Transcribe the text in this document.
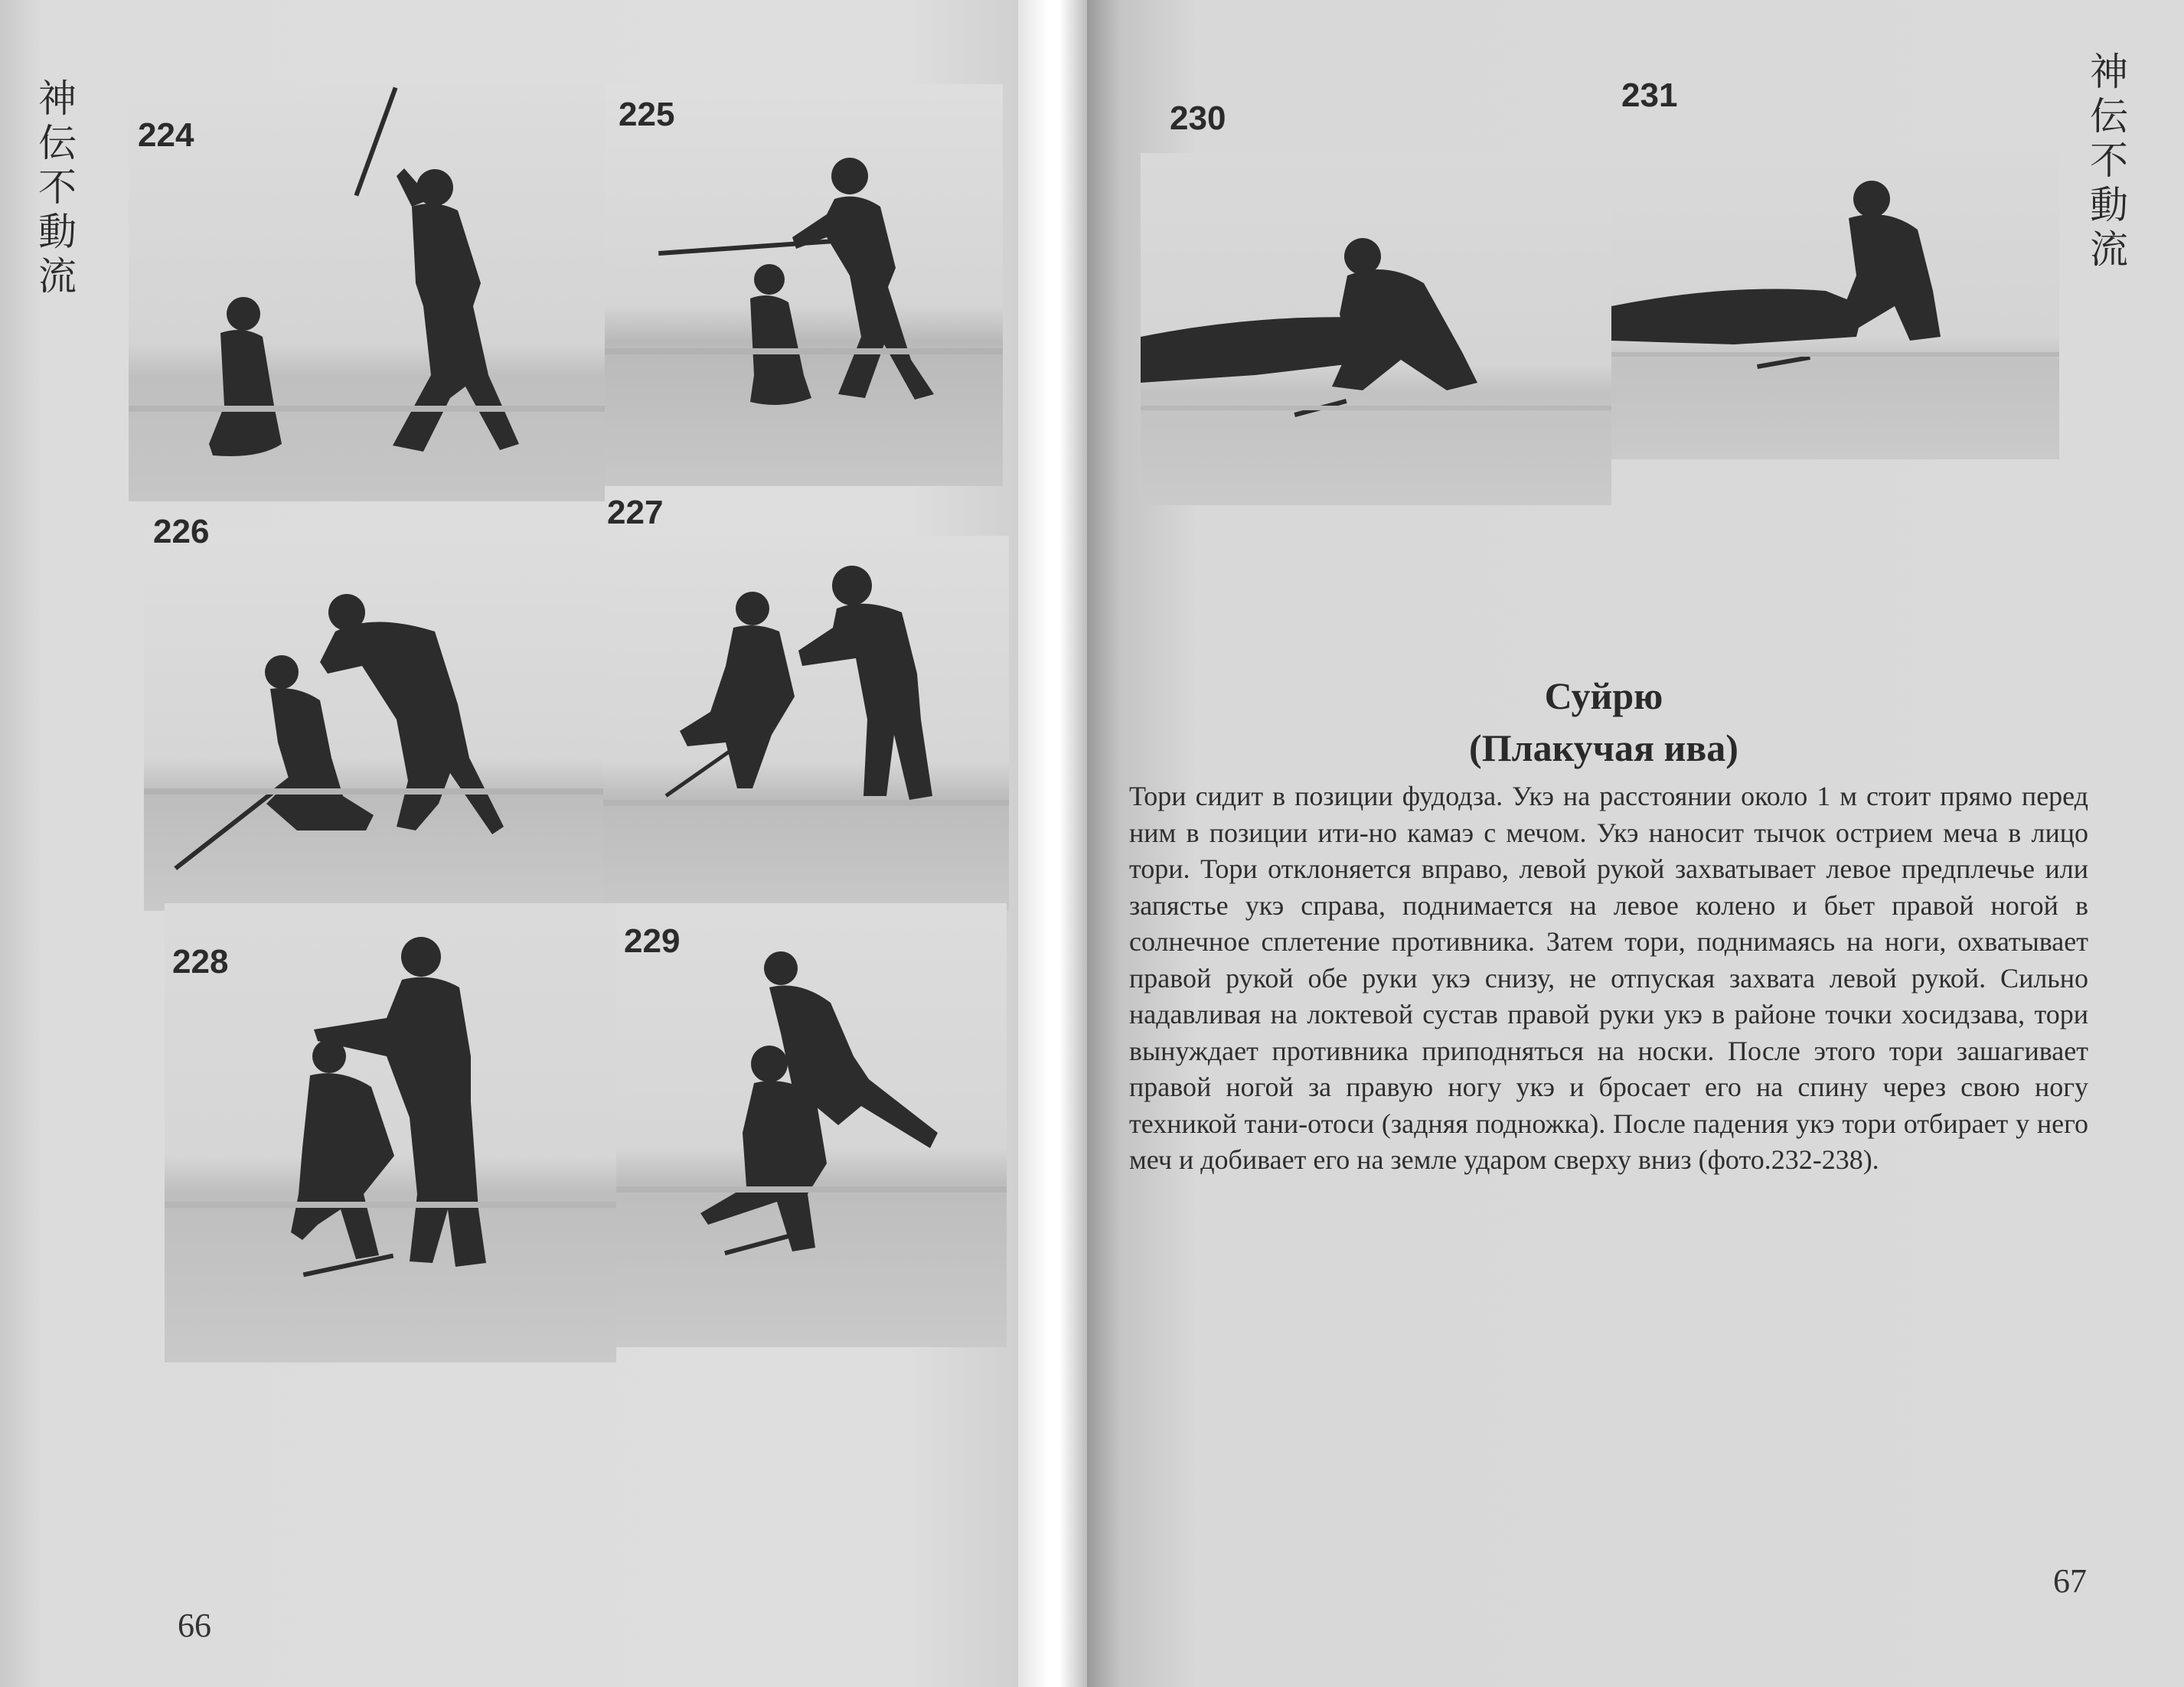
神
伝
不
動
流
224
225
226
227
228
229
66
神
伝
不
動
流
230
231
Суйрю
(Плакучая ива)
Тори сидит в позиции фудодза. Укэ на расстоянии около 1 м стоит прямо перед ним в позиции ити-но камаэ с мечом. Укэ наносит тычок острием меча в лицо тори. Тори отклоняется вправо, левой рукой захватывает левое предплечье или запястье укэ справа, поднимается на левое колено и бьет правой ногой в солнечное сплетение противника. Затем тори, поднимаясь на ноги, охватывает правой рукой обе руки укэ снизу, не отпуская захвата левой рукой. Сильно надавливая на локтевой сустав правой руки укэ в районе точки хосидзава, тори вынуждает противника приподняться на носки. После этого тори зашагивает правой ногой за правую ногу укэ и бросает его на спину через свою ногу техникой тани-отоси (задняя подножка). После падения укэ тори отбирает у него меч и добивает его на земле ударом сверху вниз (фото.232-238).
67
